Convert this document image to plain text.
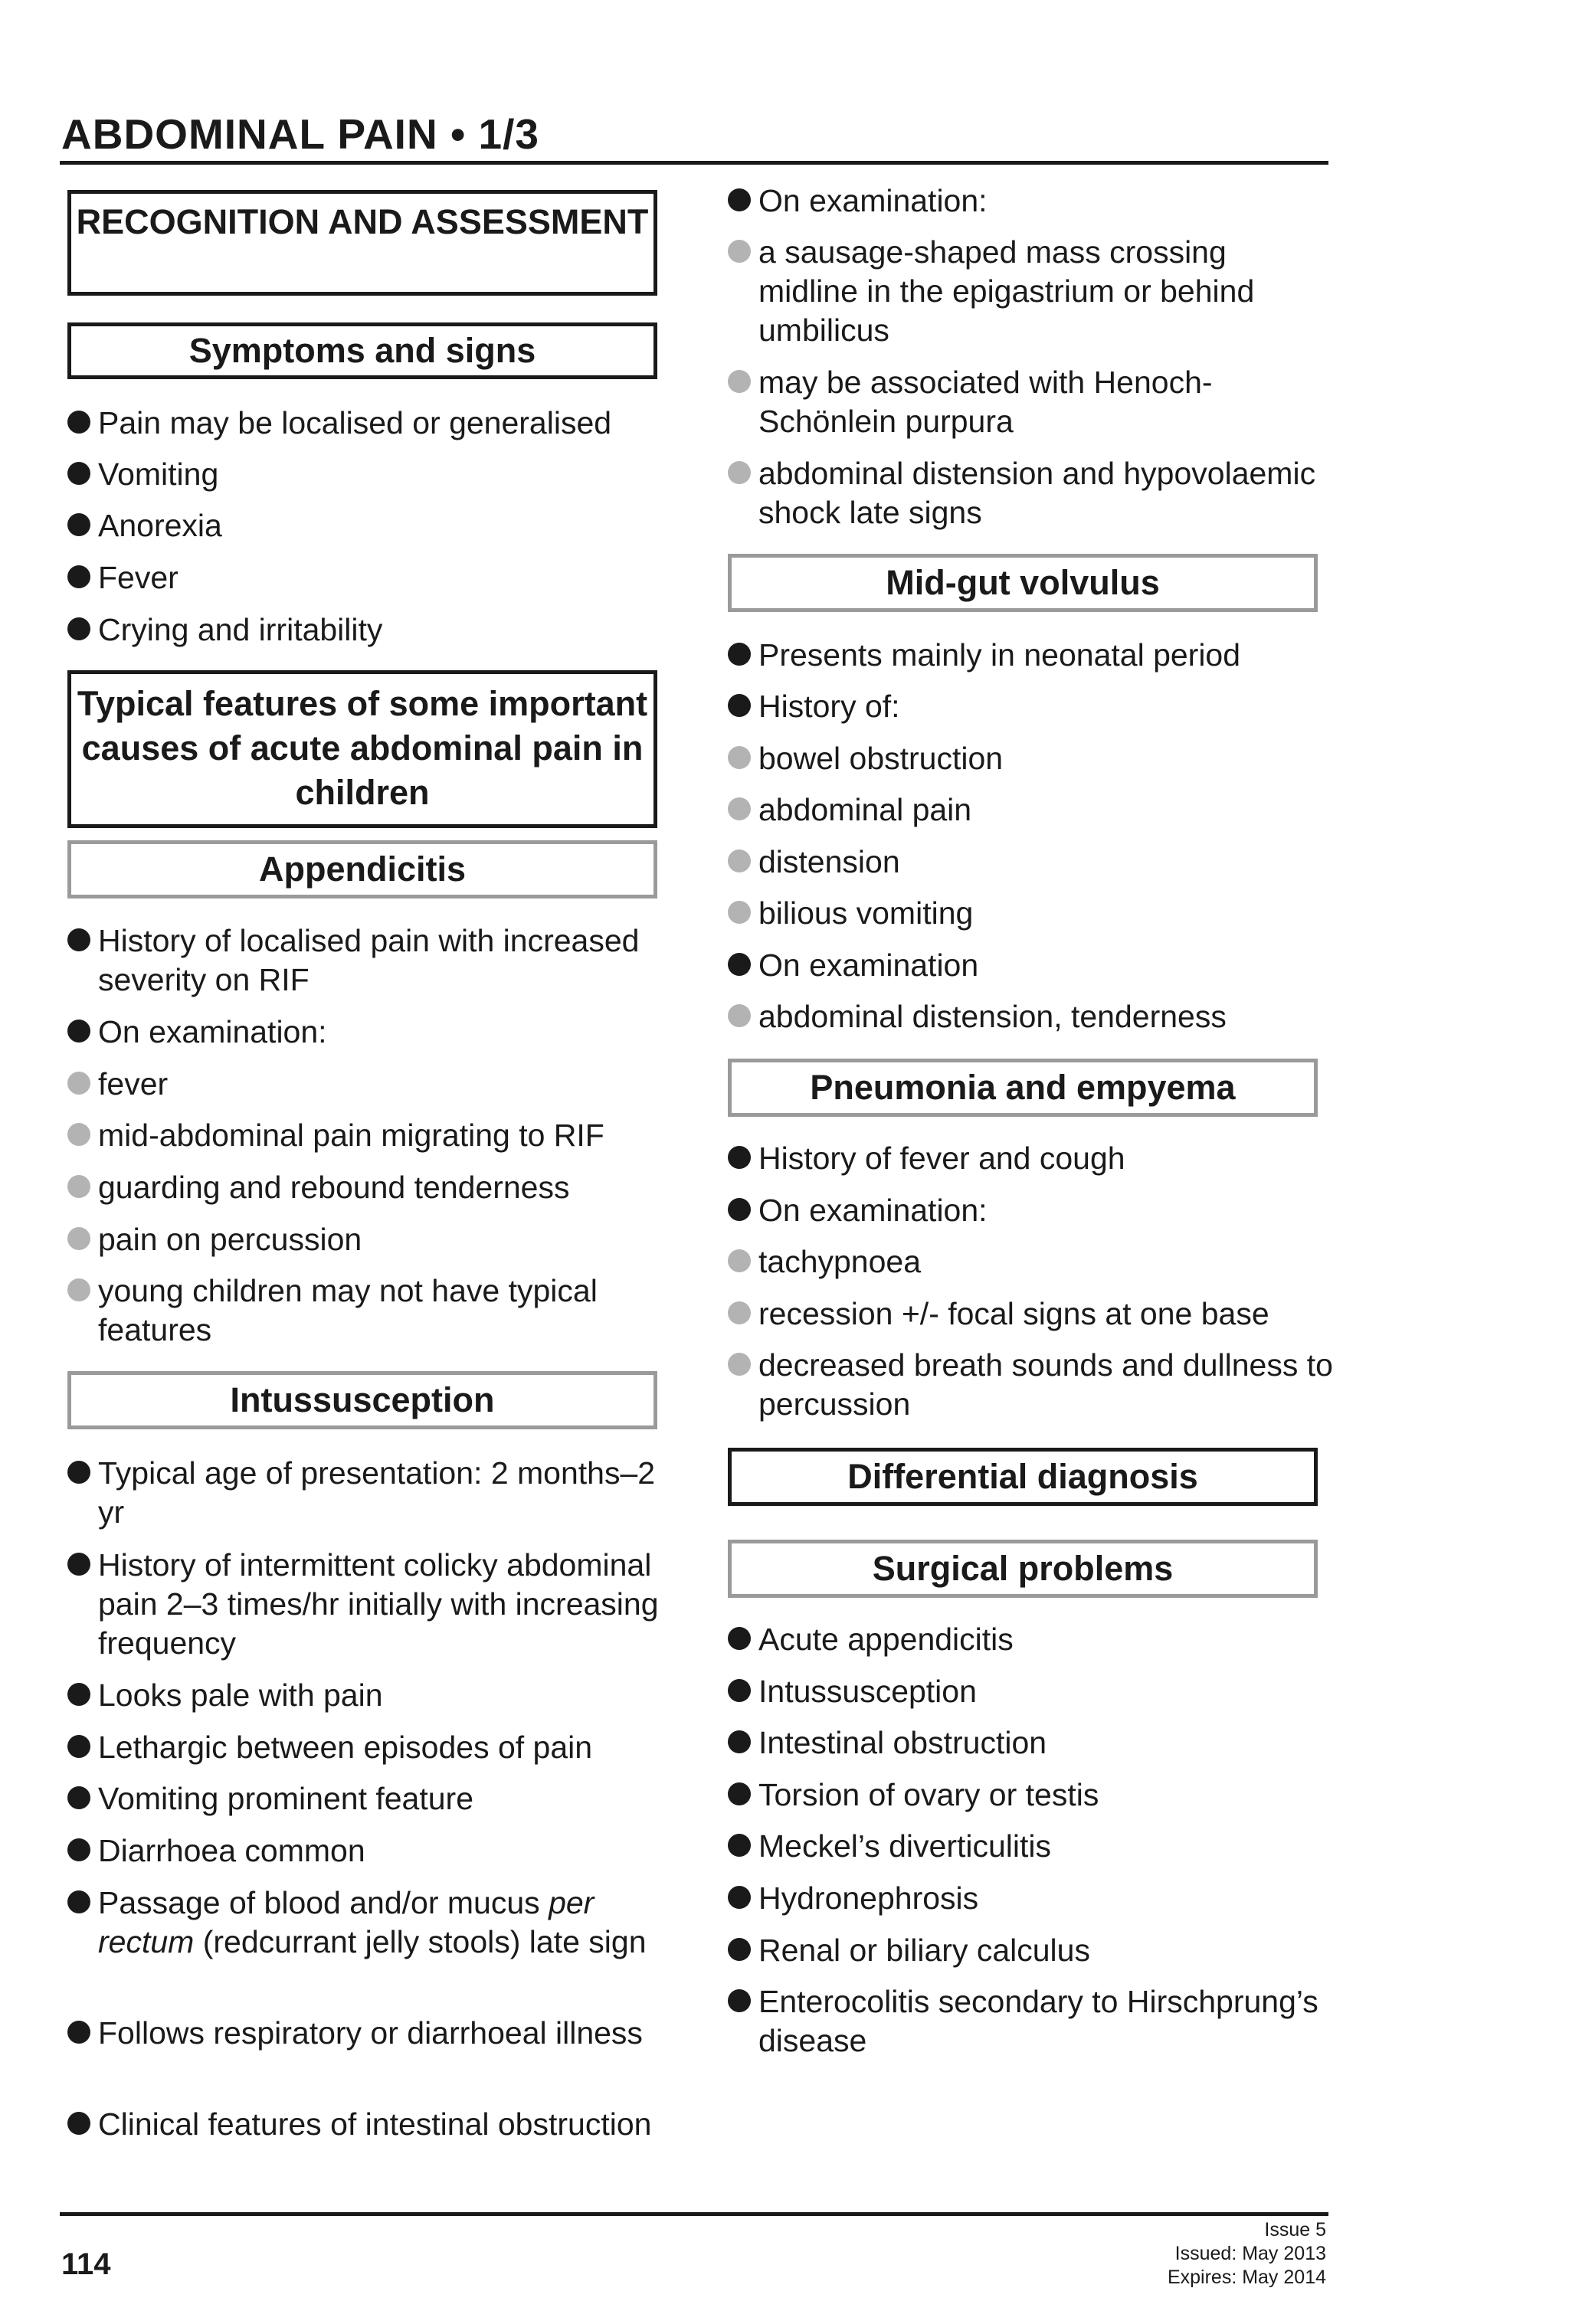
ABDOMINAL PAIN • 1/3
RECOGNITION AND ASSESSMENT
Symptoms and signs
Pain may be localised or generalised
Vomiting
Anorexia
Fever
Crying and irritability
Typical features of some important causes of acute abdominal pain in children
Appendicitis
History of localised pain with increased severity on RIF
On examination:
fever
mid-abdominal pain migrating to RIF
guarding and rebound tenderness
pain on percussion
young children may not have typical features
Intussusception
Typical age of presentation: 2 months–2 yr
History of intermittent colicky abdominal pain 2–3 times/hr initially with increasing frequency
Looks pale with pain
Lethargic between episodes of pain
Vomiting prominent feature
Diarrhoea common
Passage of blood and/or mucus per rectum (redcurrant jelly stools) late sign
Follows respiratory or diarrhoeal illness
Clinical features of intestinal obstruction
On examination:
a sausage-shaped mass crossing midline in the epigastrium or behind umbilicus
may be associated with Henoch-Schönlein purpura
abdominal distension and hypovolaemic shock late signs
Mid-gut volvulus
Presents mainly in neonatal period
History of:
bowel obstruction
abdominal pain
distension
bilious vomiting
On examination
abdominal distension, tenderness
Pneumonia and empyema
History of fever and cough
On examination:
tachypnoea
recession +/- focal signs at one base
decreased breath sounds and dullness to percussion
Differential diagnosis
Surgical problems
Acute appendicitis
Intussusception
Intestinal obstruction
Torsion of ovary or testis
Meckel’s diverticulitis
Hydronephrosis
Renal or biliary calculus
Enterocolitis secondary to Hirschprung’s disease
114
Issue 5
Issued: May 2013
Expires: May 2014
